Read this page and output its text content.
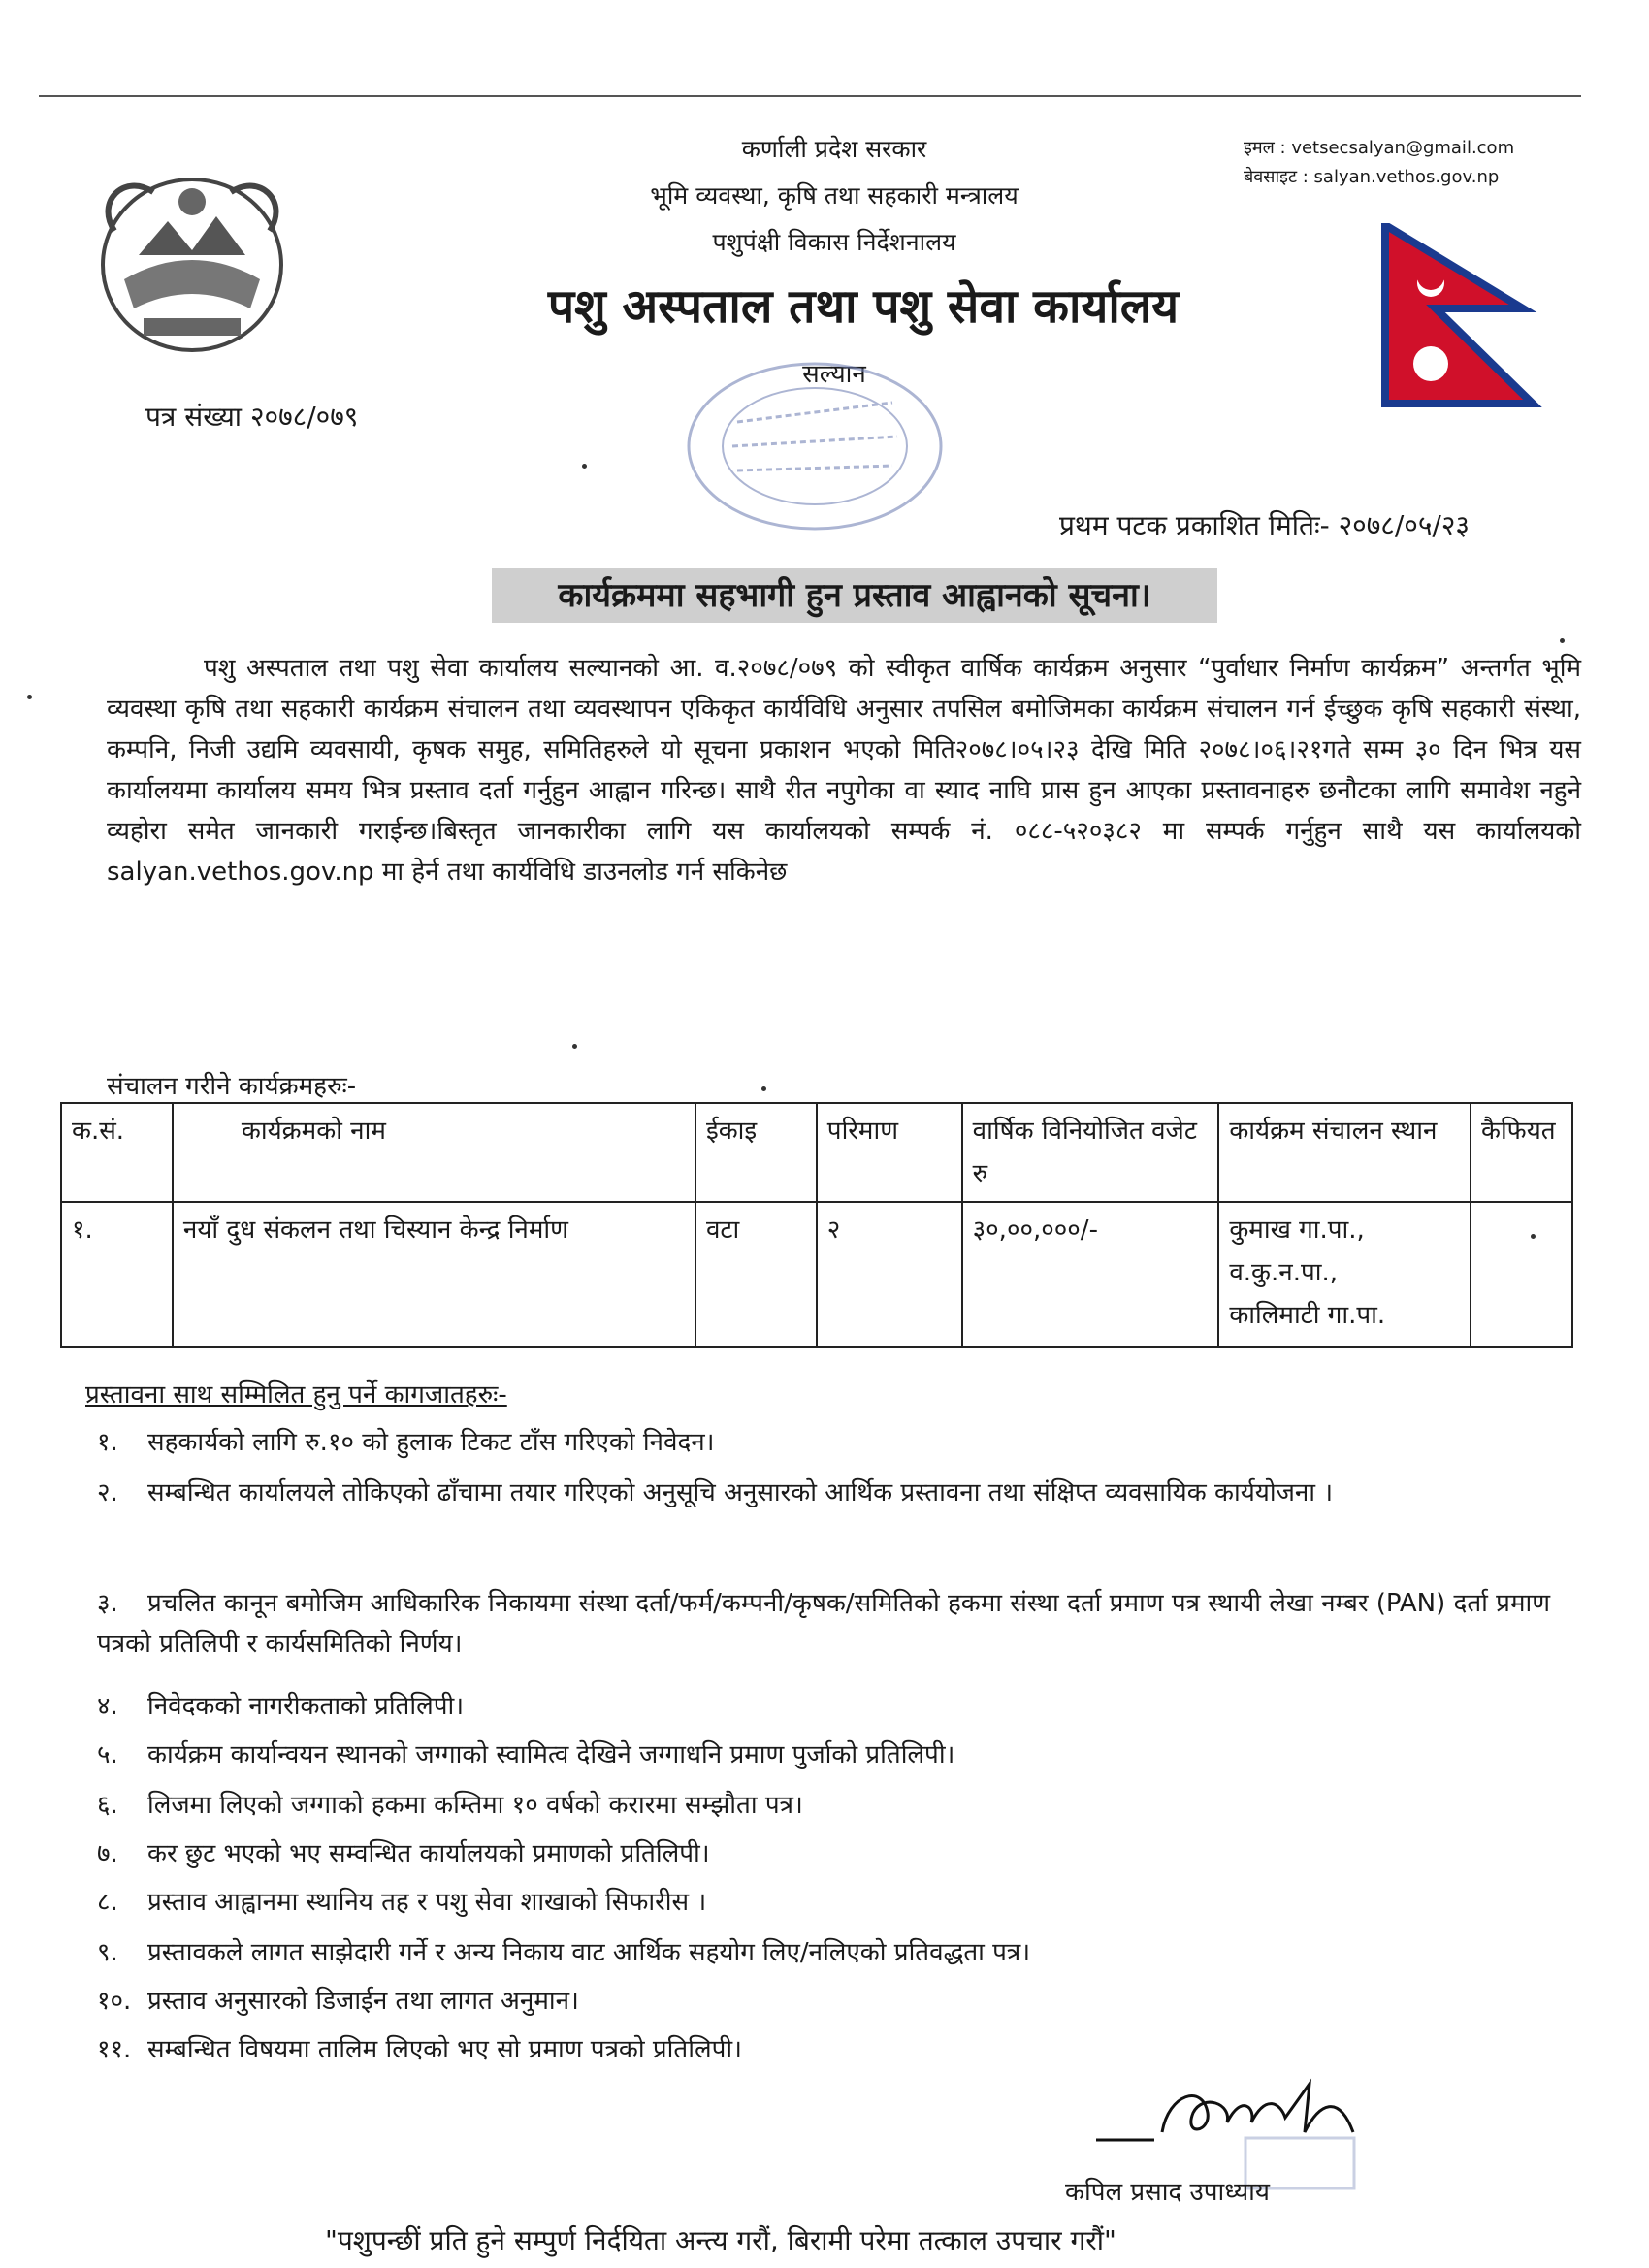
कर्णाली प्रदेश सरकार
भूमि व्यवस्था, कृषि तथा सहकारी मन्त्रालय
पशुपंक्षी विकास निर्देशनालय
पशु अस्पताल तथा पशु सेवा कार्यालय
सल्यान
इमल : vetsecsalyan@gmail.com
बेवसाइट : salyan.vethos.gov.np
पत्र संख्या २०७८/०७९
प्रथम पटक प्रकाशित मितिः- २०७८/०५/२३
कार्यक्रममा सहभागी हुन प्रस्ताव आह्वानको सूचना।
पशु अस्पताल तथा पशु सेवा कार्यालय सल्यानको आ. व.२०७८/०७९ को स्वीकृत वार्षिक कार्यक्रम अनुसार “पुर्वाधार निर्माण कार्यक्रम” अन्तर्गत भूमि व्यवस्था कृषि तथा सहकारी कार्यक्रम संचालन तथा व्यवस्थापन एकिकृत कार्यविधि अनुसार तपसिल बमोजिमका कार्यक्रम संचालन गर्न ईच्छुक कृषि सहकारी संस्था, कम्पनि, निजी उद्यमि व्यवसायी, कृषक समुह, समितिहरुले यो सूचना प्रकाशन भएको मिति२०७८।०५।२३ देखि मिति २०७८।०६।२१गते सम्म ३० दिन भित्र यस कार्यालयमा कार्यालय समय भित्र प्रस्ताव दर्ता गर्नुहुन आह्वान गरिन्छ। साथै रीत नपुगेका वा स्याद नाघि प्रास हुन आएका प्रस्तावनाहरु छनौटका लागि समावेश नहुने व्यहोरा समेत जानकारी गराईन्छ।बिस्तृत जानकारीका लागि यस कार्यालयको सम्पर्क नं. ०८८-५२०३८२ मा सम्पर्क गर्नुहुन साथै यस कार्यालयको salyan.vethos.gov.np मा हेर्न तथा कार्यविधि डाउनलोड गर्न सकिनेछ
संचालन गरीने कार्यक्रमहरुः-
क.सं.	कार्यक्रमको नाम	ईकाइ	परिमाण	वार्षिक विनियोजित वजेट रु	कार्यक्रम संचालन स्थान	कैफियत
१.	नयाँ दुध संकलन तथा चिस्यान केन्द्र निर्माण	वटा	२	३०,००,०००/-	कुमाख गा.पा.,
व.कु.न.पा.,
कालिमाटी गा.पा.	

प्रस्तावना साथ सम्मिलित हुनु पर्ने कागजातहरुः-
१. सहकार्यको लागि रु.१० को हुलाक टिकट टाँस गरिएको निवेदन।
२. सम्बन्धित कार्यालयले तोकिएको ढाँचामा तयार गरिएको अनुसूचि अनुसारको आर्थिक प्रस्तावना तथा संक्षिप्त व्यवसायिक कार्ययोजना ।
३. प्रचलित कानून बमोजिम आधिकारिक निकायमा संस्था दर्ता/फर्म/कम्पनी/कृषक/समितिको हकमा संस्था दर्ता प्रमाण पत्र स्थायी लेखा नम्बर (PAN) दर्ता प्रमाण पत्रको प्रतिलिपी र कार्यसमितिको निर्णय।
४. निवेदकको नागरीकताको प्रतिलिपी।
५. कार्यक्रम कार्यान्वयन स्थानको जग्गाको स्वामित्व देखिने जग्गाधनि प्रमाण पुर्जाको प्रतिलिपी।
६. लिजमा लिएको जग्गाको हकमा कम्तिमा १० वर्षको करारमा सम्झौता पत्र।
७. कर छुट भएको भए सम्वन्धित कार्यालयको प्रमाणको प्रतिलिपी।
८. प्रस्ताव आह्वानमा स्थानिय तह र पशु सेवा शाखाको सिफारीस ।
९. प्रस्तावकले लागत साझेदारी गर्ने र अन्य निकाय वाट आर्थिक सहयोग लिए/नलिएको प्रतिवद्धता पत्र।
१०. प्रस्ताव अनुसारको डिजाईन तथा लागत अनुमान।
११. सम्बन्धित विषयमा तालिम लिएको भए सो प्रमाण पत्रको प्रतिलिपी।
कपिल प्रसाद उपाध्याय
"पशुपन्छीं प्रति हुने सम्पुर्ण निर्दयिता अन्त्य गरौं, बिरामी परेमा तत्काल उपचार गरौं"
